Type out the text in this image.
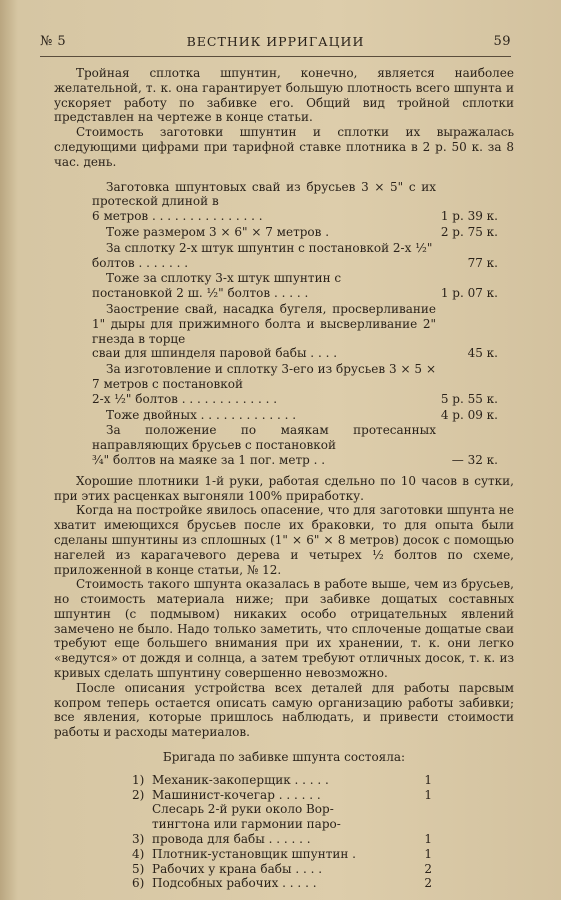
№ 5	ВЕСТНИК ИРРИГАЦИИ	59

Тройная сплотка шпунтин, конечно, является наиболее желательной, т. к. она гарантирует большую плотность всего шпунта и ускоряет работу по забивке его. Общий вид тройной сплотки представлен на чертеже в конце статьи.

Стоимость заготовки шпунтин и сплотки их выражалась следующими цифрами при тарифной ставке плотника в 2 р. 50 к. за 8 час. день.

Заготовка шпунтовых свай из брусьев 3 × 5" с их протеской длиной в
6 метров . . . . . . . . . . . . . . .	1 р. 39 к.
Тоже размером 3 × 6" × 7 метров .	2 р. 75 к.
За сплотку 2-х штук шпунтин с постановкой 2-х ½" болтов . . . . . . .	77 к.
Тоже за сплотку 3-х штук шпунтин с
постановкой 2 ш. ½" болтов . . . . .	1 р. 07 к.
Заострение свай, насадка бугеля, просверливание 1" дыры для прижимного болта и высверливание 2" гнезда в торце
сваи для шпинделя паровой бабы . . . .	45 к.
За изготовление и сплотку 3-его из брусьев 3 × 5 × 7 метров с постановкой
2-х ½" болтов . . . . . . . . . . . . .	5 р. 55 к.
Тоже двойных . . . . . . . . . . . . .	4 р. 09 к.
За положение по маякам протесанных направляющих брусьев с постановкой
¾" болтов на маяке за 1 пог. метр . .	— 32 к.

Хорошие плотники 1-й руки, работая сдельно по 10 часов в сутки, при этих расценках выгоняли 100% приработку.

Когда на постройке явилось опасение, что для заготовки шпунта не хватит имеющихся брусьев после их браковки, то для опыта были сделаны шпунтины из сплошных (1" × 6" × 8 метров) досок с помощью нагелей из карагачевого дерева и четырех ½ болтов по схеме, приложенной в конце статьи, № 12.

Стоимость такого шпунта оказалась в работе выше, чем из брусьев, но стоимость материала ниже; при забивке дощатых составных шпунтин (с подмывом) никаких особо отрицательных явлений замечено не было. Надо только заметить, что сплоченые дощатые сваи требуют еще большего внимания при их хранении, т. к. они легко «ведутся» от дождя и солнца, а затем требуют отличных досок, т. к. из кривых сделать шпунтину совершенно невозможно.

После описания устройства всех деталей для работы парсвым копром теперь остается описать самую организацию работы забивки; все явления, которые пришлось наблюдать, и привести стоимости работы и расходы материалов.

Бригада по забивке шпунта состояла:

1) Механик-закоперщик . . . . .	1
2) Машинист-кочегар . . . . . .	1
3)
Слесарь 2-й руки около Вор-
тингтона или гармонии паро-
провода для бабы . . . . . .	1
4) Плотник-установщик шпунтин .	1
5) Рабочих у крана бабы . . . .	2
6) Подсобных рабочих . . . . .	2
